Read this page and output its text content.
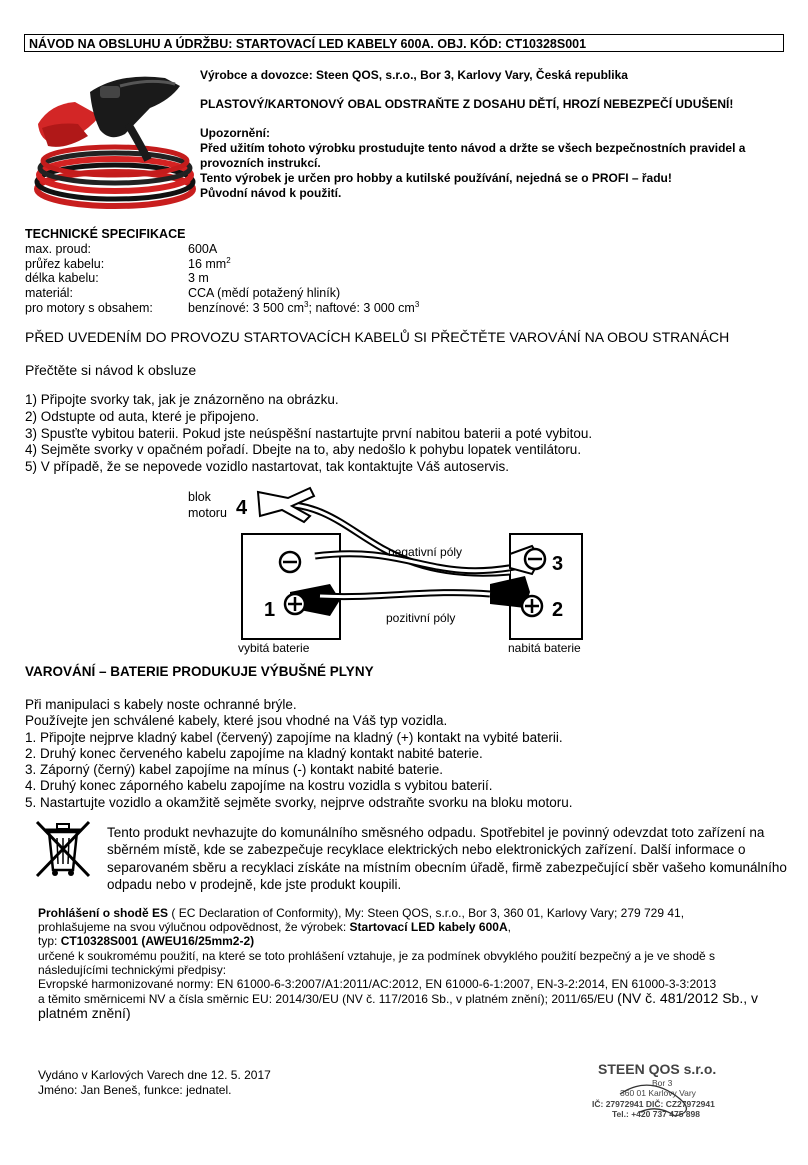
NÁVOD NA OBSLUHU A ÚDRŽBU: STARTOVACÍ LED KABELY 600A. OBJ. KÓD: CT10328S001

Výrobce a dovozce: Steen QOS, s.r.o., Bor 3, Karlovy Vary, Česká republika

PLASTOVÝ/KARTONOVÝ OBAL ODSTRAŇTE Z DOSAHU DĚTÍ, HROZÍ NEBEZPEČÍ UDUŠENÍ!

Upozornění:

Před užitím tohoto výrobku prostudujte tento návod a držte se všech bezpečnostních pravidel a provozních instrukcí.

Tento výrobek je určen pro hobby a kutilské používání, nejedná se o PROFI – řadu!

Původní návod k použití.

TECHNICKÉ SPECIFIKACE
max. proud:	600A
průřez kabelu:	16 $mm^2$
délka kabelu:	3 m
materiál:	CCA (mědí potažený hliník)
pro motory s obsahem:	benzínové: 3 500 $cm^3$; naftové: 3 000 $cm^3$
PŘED UVEDENÍM DO PROVOZU STARTOVACÍCH KABELŮ SI PŘEČTĚTE VAROVÁNÍ NA OBOU STRANÁCH
Přečtěte si návod k obsluze
1) Připojte svorky tak, jak je znázorněno na obrázku.
2) Odstupte od auta, které je připojeno.
3) Spusťte vybitou baterii. Pokud jste neúspěšní nastartujte první nabitou baterii a poté vybitou.
4) Sejměte svorky v opačném pořadí. Dbejte na to, aby nedošlo k pohybu lopatek ventilátoru.
5) V případě, že se nepovede vozidlo nastartovat, tak kontaktujte Váš autoservis.
blok
motoru 4
3
2
1
negativní póly
pozitivní póly
vybitá baterie	nabitá baterie
VAROVÁNÍ – BATERIE PRODUKUJE VÝBUŠNÉ PLYNY
Při manipulaci s kabely noste ochranné brýle.
Používejte jen schválené kabely, které jsou vhodné na Váš typ vozidla.
1. Připojte nejprve kladný kabel (červený) zapojíme na kladný (+) kontakt na vybité baterii.
2. Druhý konec červeného kabelu zapojíme na kladný kontakt nabité baterie.
3. Záporný (černý) kabel zapojíme na mínus (-) kontakt nabité baterie.
4. Druhý konec záporného kabelu zapojíme na kostru vozidla s vybitou baterií.
5. Nastartujte vozidlo a okamžitě sejměte svorky, nejprve odstraňte svorku na bloku motoru.
Tento produkt nevhazujte do komunálního směsného odpadu. Spotřebitel je povinný odevzdat toto zařízení na sběrném místě, kde se zabezpečuje recyklace elektrických nebo elektronických zařízení. Další informace o separovaném sběru a recyklaci získáte na místním obecním úřadě, firmě zabezpečující sběr vašeho komunálního odpadu nebo v prodejně, kde jste produkt koupili.
Prohlášení o shodě ES ( EC Declaration of Conformity), My: Steen QOS, s.r.o., Bor 3, 360 01, Karlovy Vary; 279 729 41, prohlašujeme na svou výlučnou odpovědnost, že výrobek: Startovací LED kabely 600A,
typ: CT10328S001 (AWEU16/25mm2-2)
určené k soukromému použití, na které se toto prohlášení vztahuje, je za podmínek obvyklého použití bezpečný a je ve shodě s následujícími technickými předpisy:
Evropské harmonizované normy: EN 61000-6-3:2007/A1:2011/AC:2012, EN 61000-6-1:2007, EN-3-2:2014, EN 61000-3-3:2013
a těmito směrnicemi NV a čísla směrnic EU: 2014/30/EU (NV č. 117/2016 Sb., v platném znění); 2011/65/EU (NV č. 481/2012 Sb., v platném znění)
Vydáno v Karlových Varech dne 12. 5. 2017
Jméno: Jan Beneš, funkce: jednatel.
STEEN QOS s.r.o.
Bor 3
360 01 Karlovy Vary
IČ: 27972941 DIČ: CZ27972941
Tel.: +420 737 475 898
